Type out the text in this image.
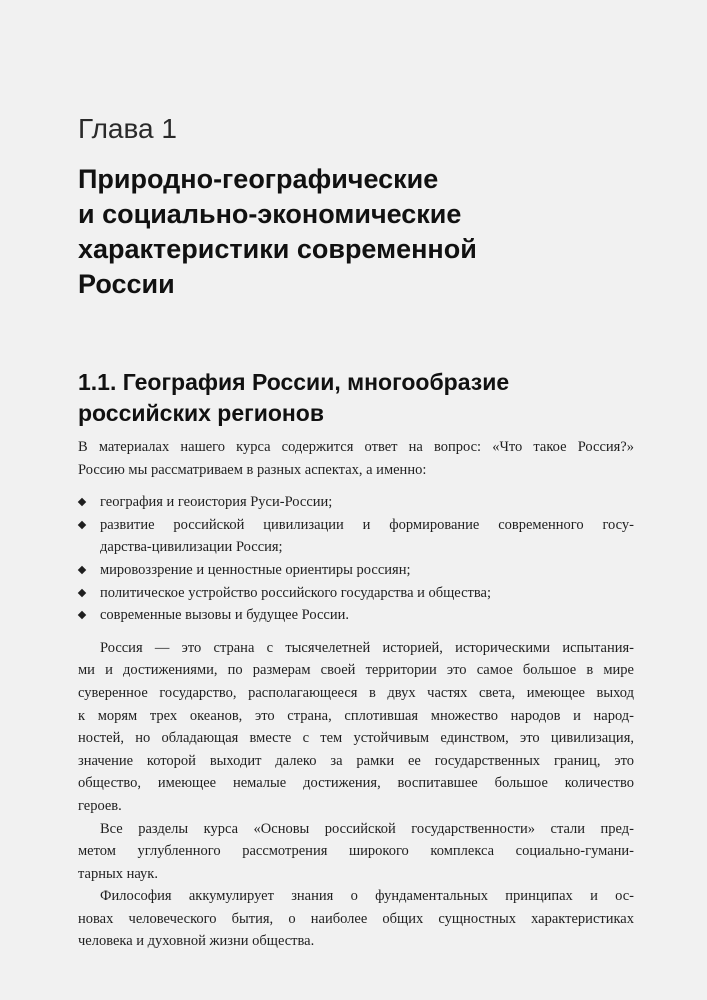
Глава 1
Природно-географические
и социально-экономические
характеристики современной
России
1.1. География России, многообразие
российских регионов

В материалах нашего курса содержится ответ на вопрос: «Что такое Россия?»
Россию мы рассматриваем в разных аспектах, а именно:

география и геоистория Руси-России;
развитие российской цивилизации и формирование современного госу-
дарства-цивилизации Россия;
мировоззрение и ценностные ориентиры россиян;
политическое устройство российского государства и общества;
современные вызовы и будущее России.

Россия — это страна с тысячелетней историей, историческими испытания-
ми и достижениями, по размерам своей территории это самое большое в мире
суверенное государство, располагающееся в двух частях света, имеющее выход
к морям трех океанов, это страна, сплотившая множество народов и народ-
ностей, но обладающая вместе с тем устойчивым единством, это цивилизация,
значение которой выходит далеко за рамки ее государственных границ, это
общество, имеющее немалые достижения, воспитавшее большое количество
героев.

Все разделы курса «Основы российской государственности» стали пред-
метом углубленного рассмотрения широкого комплекса социально-гумани-
тарных наук.

Философия аккумулирует знания о фундаментальных принципах и ос-
новах человеческого бытия, о наиболее общих сущностных характеристиках
человека и духовной жизни общества.
